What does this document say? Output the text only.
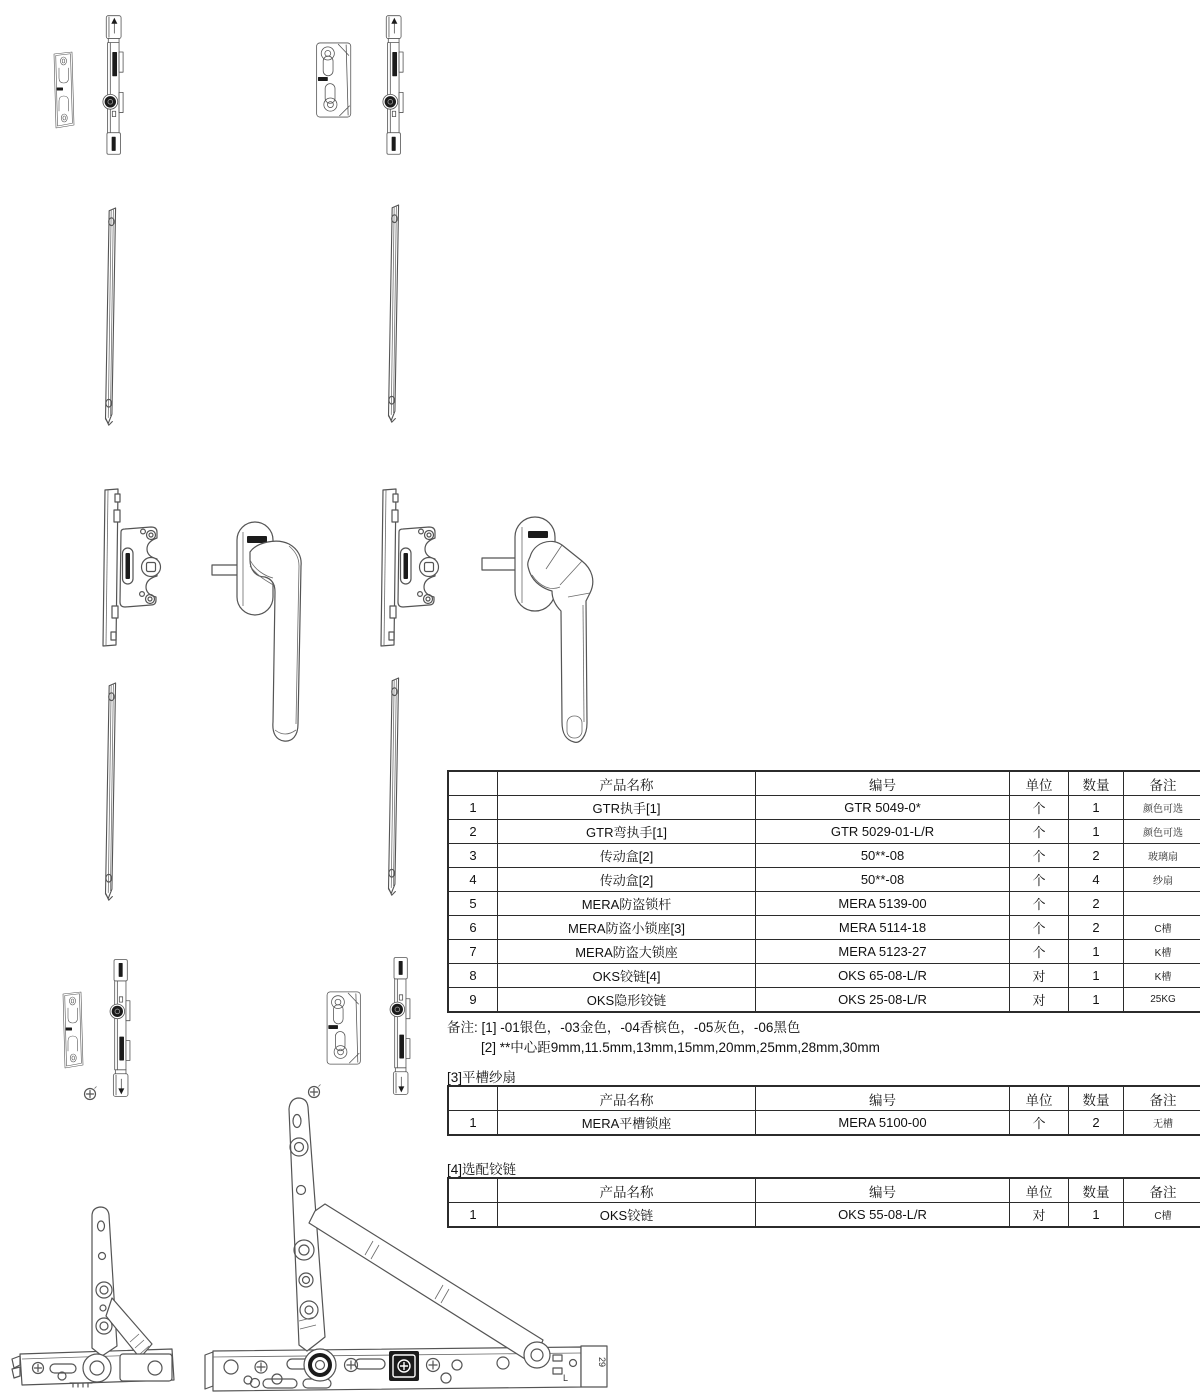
L
29
	产品名称	编号	单位	数量	备注
1	GTR执手[1]	GTR 5049-0*	个	1	颜色可选
2	GTR弯执手[1]	GTR 5029-01-L/R	个	1	颜色可选
3	传动盒[2]	50**-08	个	2	玻璃扇
4	传动盒[2]	50**-08	个	4	纱扇
5	MERA防盗锁杆	MERA 5139-00	个	2	
6	MERA防盗小锁座[3]	MERA 5114-18	个	2	C槽
7	MERA防盗大锁座	MERA 5123-27	个	1	K槽
8	OKS铰链[4]	OKS 65-08-L/R	对	1	K槽
9	OKS隐形铰链	OKS 25-08-L/R	对	1	25KG
备注: [1] -01银色，-03金色，-04香槟色，-05灰色，-06黑色
[2] **中心距9mm,11.5mm,13mm,15mm,20mm,25mm,28mm,30mm
[3]平槽纱扇
	产品名称	编号	单位	数量	备注
1	MERA平槽锁座	MERA 5100-00	个	2	无槽
[4]选配铰链
	产品名称	编号	单位	数量	备注
1	OKS铰链	OKS 55-08-L/R	对	1	C槽
